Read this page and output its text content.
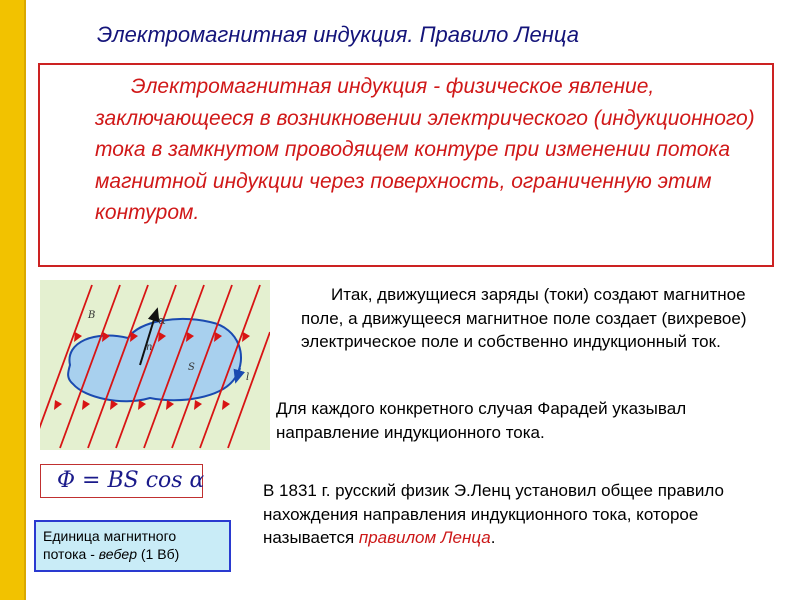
Электромагнитная индукция. Правило Ленца
Электромагнитная индукция - физическое явление, заключающееся в возникновении электрического (индукционного) тока в замкнутом проводящем контуре при изменении потока магнитной индукции через поверхность, ограниченную этим контуром.
B
n
α
S
l
Итак, движущиеся заряды (токи) создают магнитное поле, а движущееся магнитное поле создает (вихревое) электрическое поле и собственно индукционный ток.
Для каждого конкретного случая Фарадей указывал направление индукционного тока.
Φ = BS cos α
Единица магнитного
потока - вебер (1 Вб)
В 1831 г. русский физик Э.Ленц установил общее правило нахождения направления индукционного тока, которое называется правилом Ленца.
